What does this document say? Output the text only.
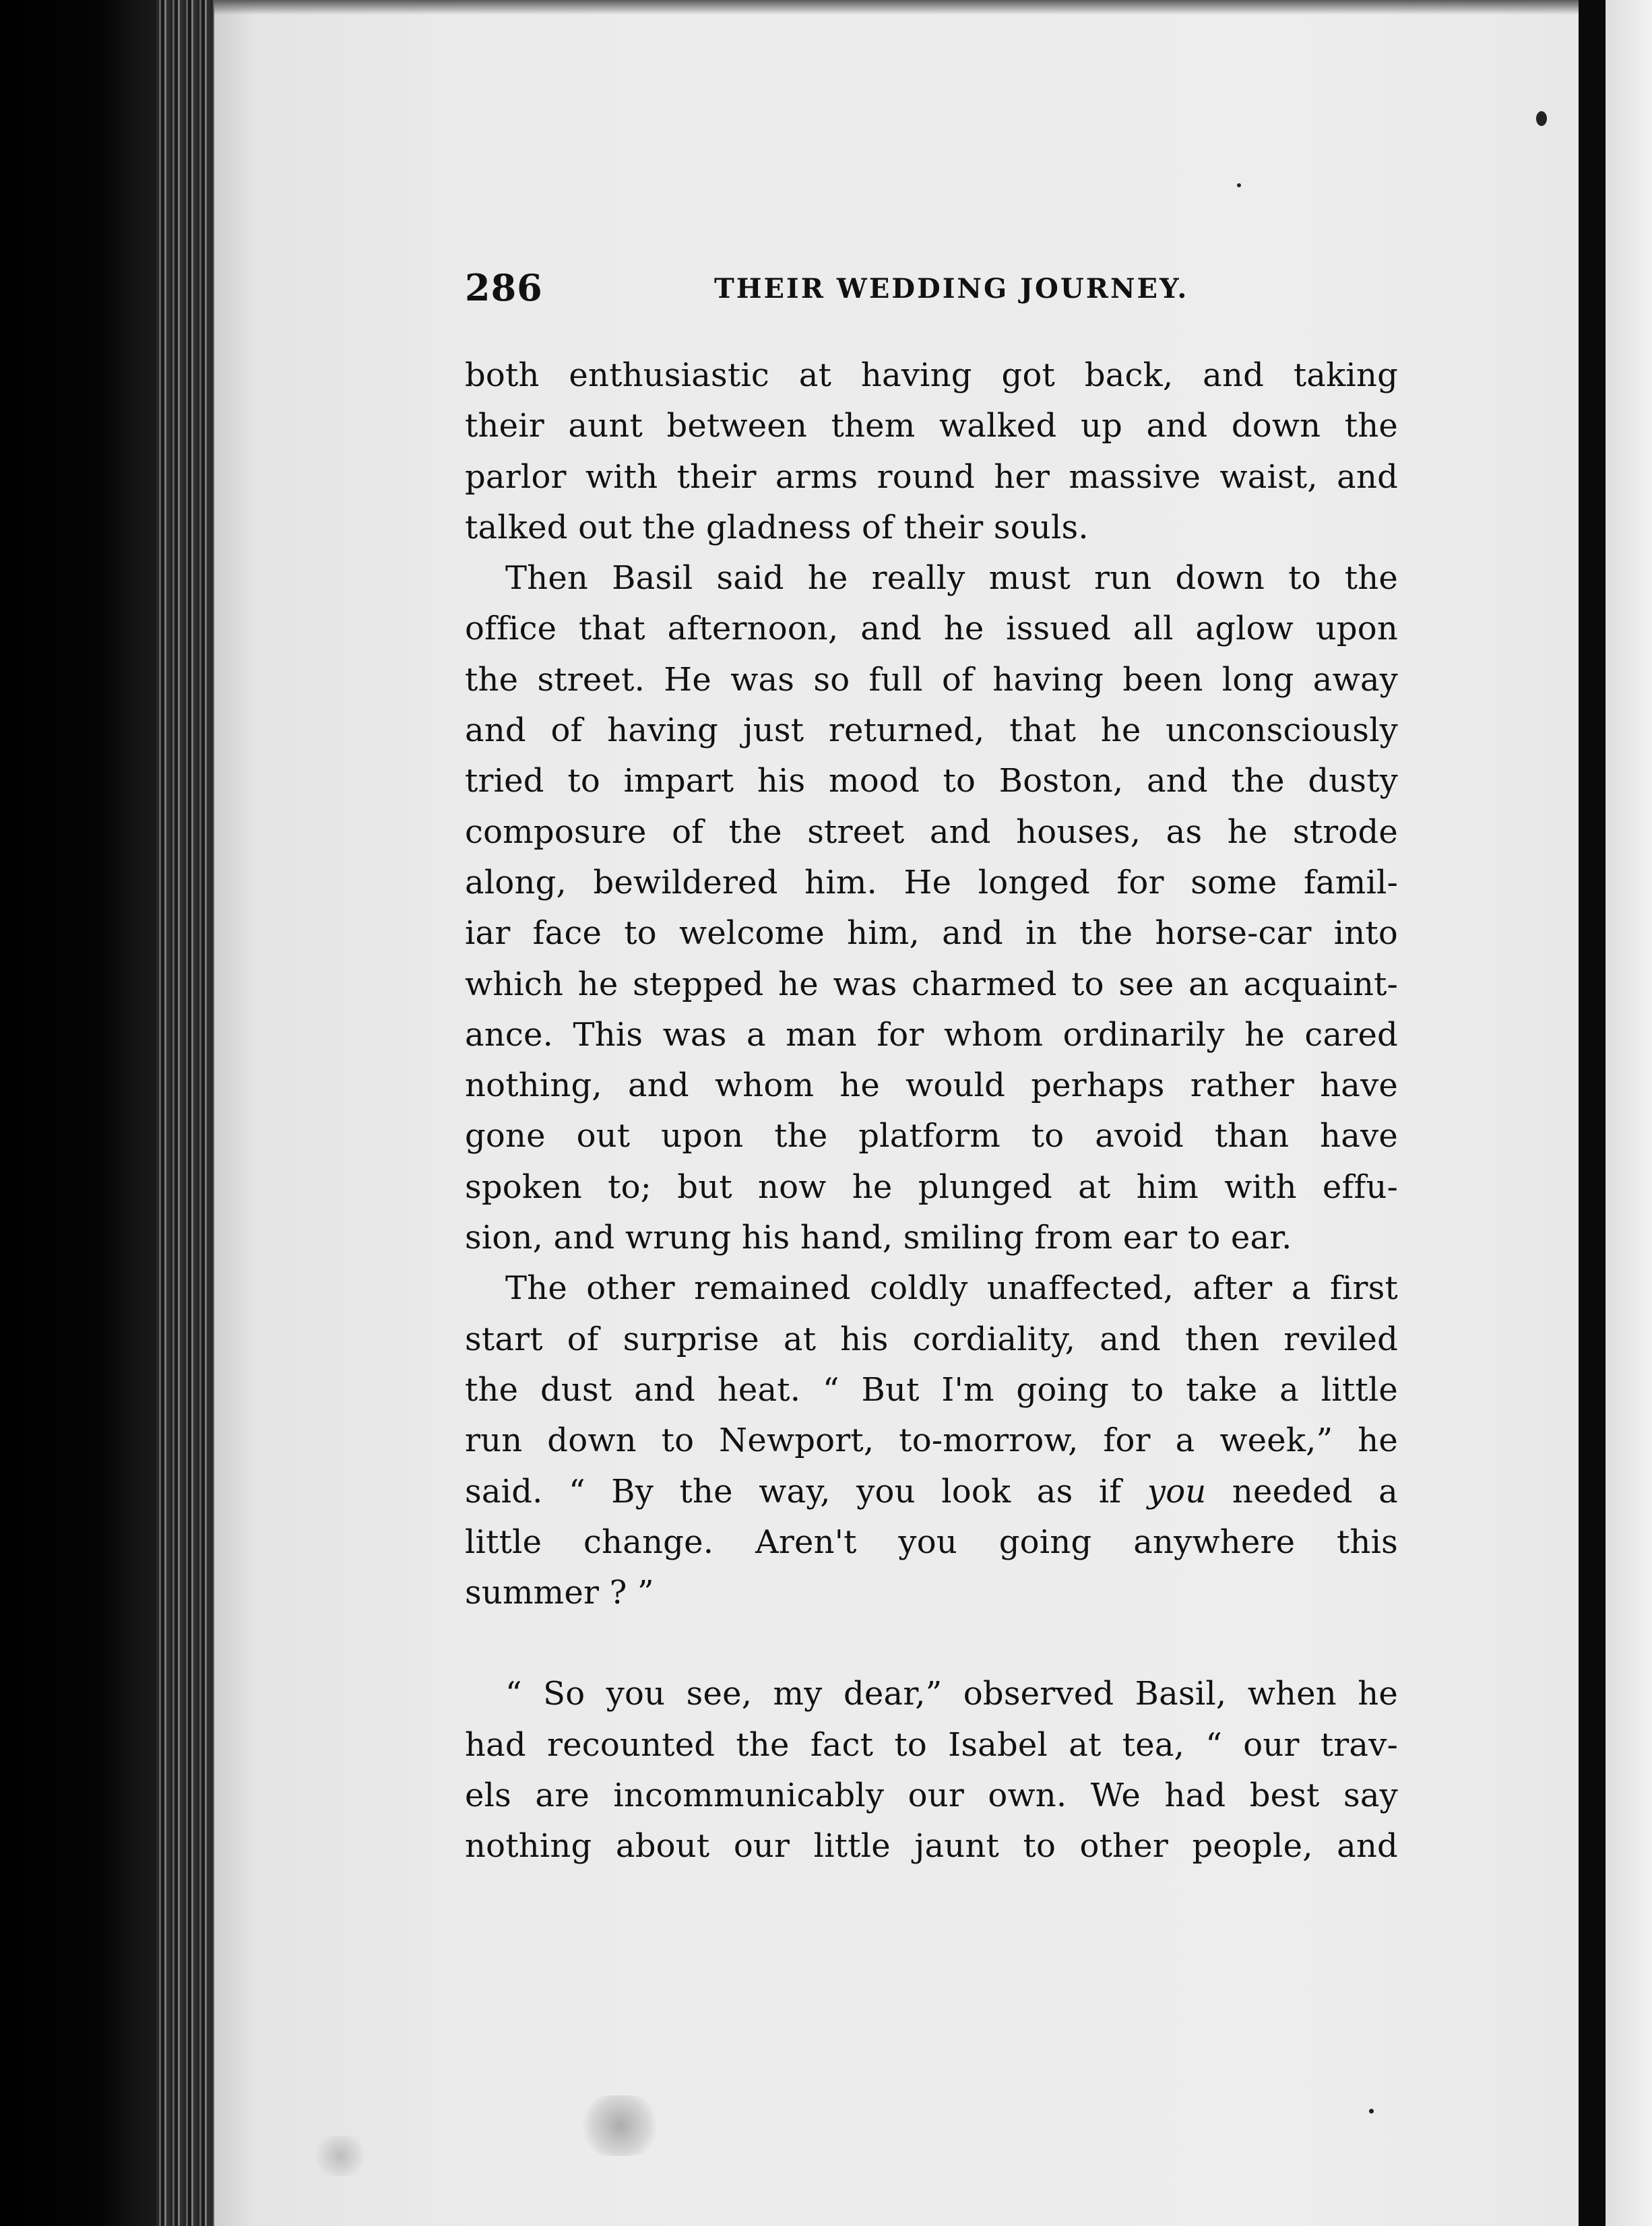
286	THEIR WEDDING JOURNEY.
both enthusiastic at having got back, and taking
their aunt between them walked up and down the
parlor with their arms round her massive waist, and
talked out the gladness of their souls.
Then Basil said he really must run down to the
office that afternoon, and he issued all aglow upon
the street. He was so full of having been long away
and of having just returned, that he unconsciously
tried to impart his mood to Boston, and the dusty
composure of the street and houses, as he strode
along, bewildered him. He longed for some famil-
iar face to welcome him, and in the horse-car into
which he stepped he was charmed to see an acquaint-
ance. This was a man for whom ordinarily he cared
nothing, and whom he would perhaps rather have
gone out upon the platform to avoid than have
spoken to; but now he plunged at him with effu-
sion, and wrung his hand, smiling from ear to ear.
The other remained coldly unaffected, after a first
start of surprise at his cordiality, and then reviled
the dust and heat. “ But I'm going to take a little
run down to Newport, to-morrow, for a week,” he
said. “ By the way, you look as if you needed a
little change. Aren't you going anywhere this
summer ? ”
“ So you see, my dear,” observed Basil, when he
had recounted the fact to Isabel at tea, “ our trav-
els are incommunicably our own. We had best say
nothing about our little jaunt to other people, and
